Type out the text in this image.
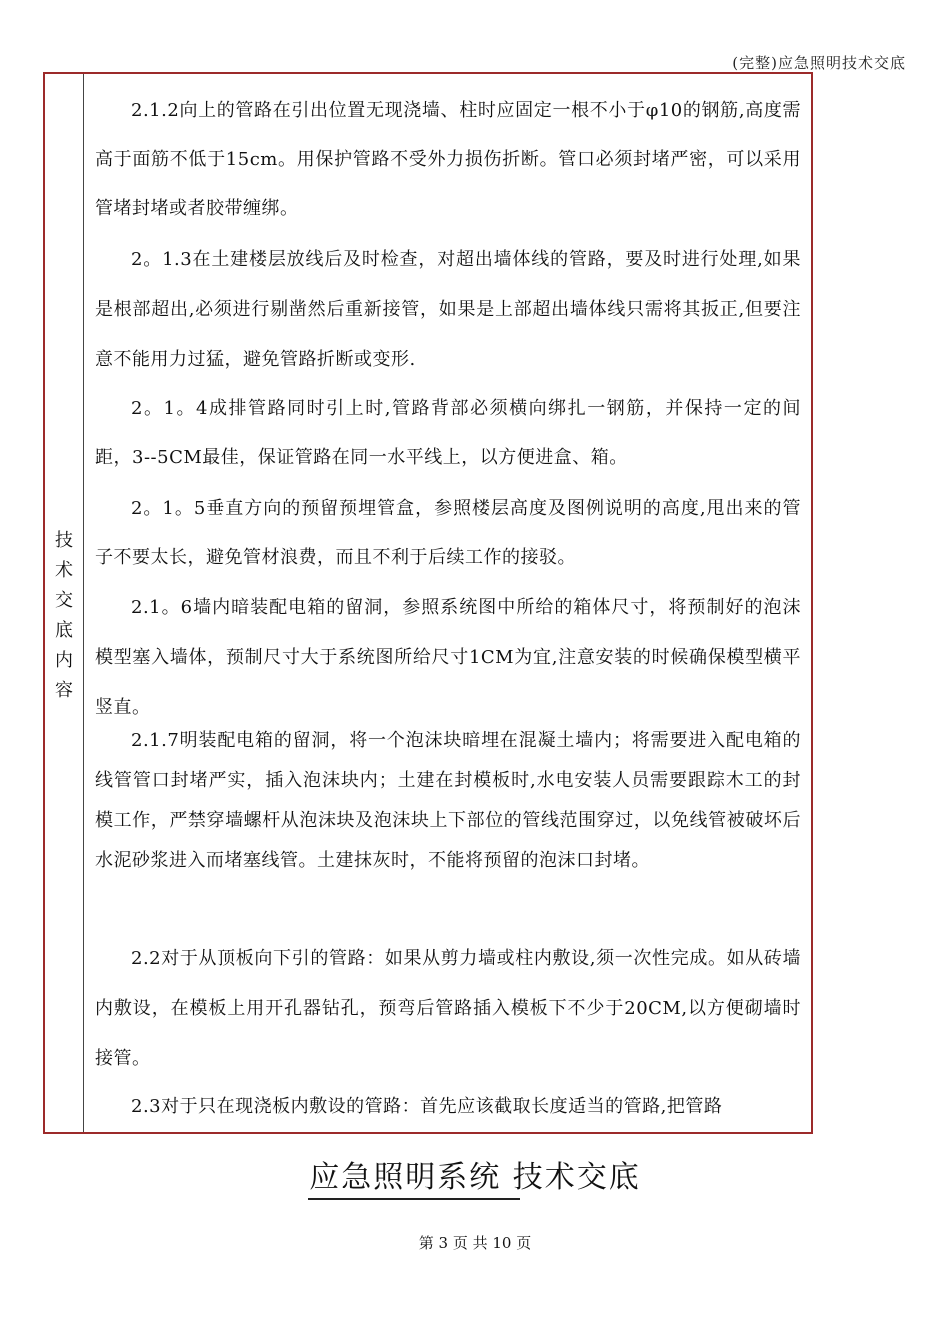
(完整)应急照明技术交底
技
术
交
底
内
容

2.1.2向上的管路在引出位置无现浇墙、柱时应固定一根不小于φ10的钢筋,高度需高于面筋不低于15cm。用保护管路不受外力损伤折断。管口必须封堵严密，可以采用管堵封堵或者胶带缠绑。

2。1.3在土建楼层放线后及时检查，对超出墙体线的管路，要及时进行处理,如果是根部超出,必须进行剔凿然后重新接管，如果是上部超出墙体线只需将其扳正,但要注意不能用力过猛，避免管路折断或变形.

2。1。4成排管路同时引上时,管路背部必须横向绑扎一钢筋，并保持一定的间距，3--5CM最佳，保证管路在同一水平线上，以方便进盒、箱。

2。1。5垂直方向的预留预埋管盒，参照楼层高度及图例说明的高度,甩出来的管子不要太长，避免管材浪费，而且不利于后续工作的接驳。

2.1。6墙内暗装配电箱的留洞，参照系统图中所给的箱体尺寸，将预制好的泡沫模型塞入墙体，预制尺寸大于系统图所给尺寸1CM为宜,注意安装的时候确保模型横平竖直。

2.1.7明装配电箱的留洞，将一个泡沫块暗埋在混凝土墙内；将需要进入配电箱的线管管口封堵严实，插入泡沫块内；土建在封模板时,水电安装人员需要跟踪木工的封模工作，严禁穿墙螺杆从泡沫块及泡沫块上下部位的管线范围穿过，以免线管被破坏后水泥砂浆进入而堵塞线管。土建抹灰时，不能将预留的泡沫口封堵。

2.2对于从顶板向下引的管路：如果从剪力墙或柱内敷设,须一次性完成。如从砖墙内敷设，在模板上用开孔器钻孔，预弯后管路插入模板下不少于20CM,以方便砌墙时接管。

2.3对于只在现浇板内敷设的管路：首先应该截取长度适当的管路,把管路

应急照明系统 技术交底
第 3 页 共 10 页
